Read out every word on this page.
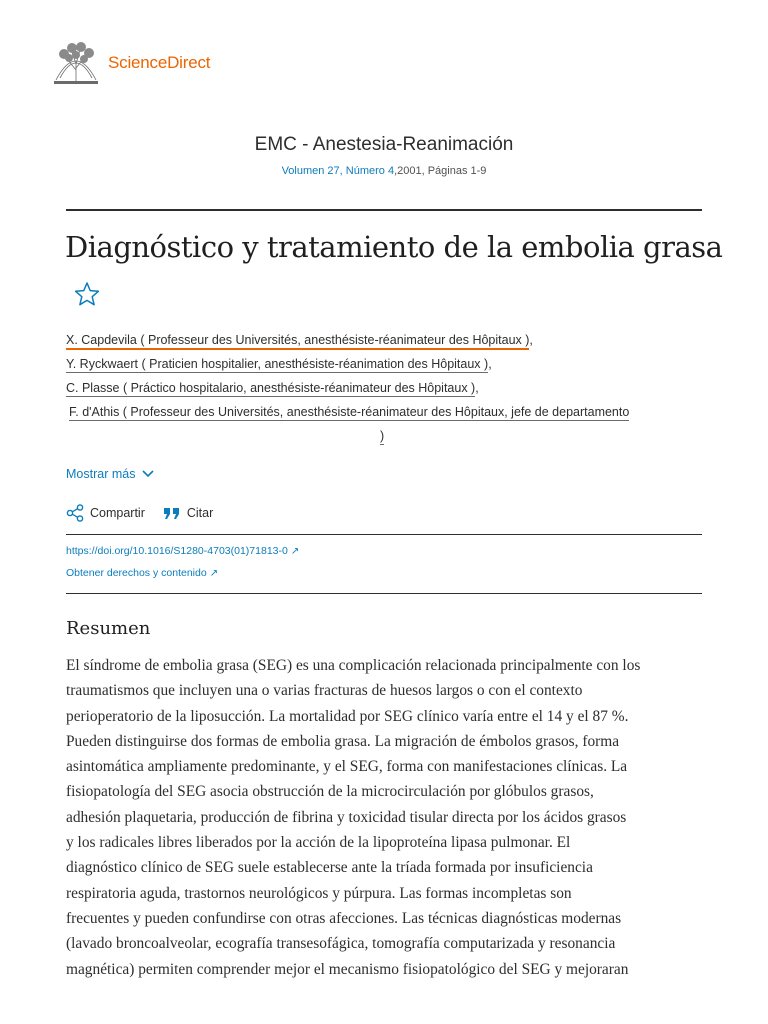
ScienceDirect
EMC - Anestesia-Reanimación
Volumen 27, Número 4,2001, Páginas 1-9
Diagnóstico y tratamiento de la embolia grasa
X. Capdevila ( Professeur des Universités, anesthésiste-réanimateur des Hôpitaux ),
Y. Ryckwaert ( Praticien hospitalier, anesthésiste-réanimation des Hôpitaux ),
C. Plasse ( Práctico hospitalario, anesthésiste-réanimateur des Hôpitaux ),
F. d'Athis ( Professeur des Universités, anesthésiste-réanimateur des Hôpitaux, jefe de departamento
)
Mostrar más
Compartir	Citar
https://doi.org/10.1016/S1280-4703(01)71813-0 ↗
Obtener derechos y contenido ↗
Resumen
El síndrome de embolia grasa (SEG) es una complicación relacionada principalmente con los
traumatismos que incluyen una o varias fracturas de huesos largos o con el contexto
perioperatorio de la liposucción. La mortalidad por SEG clínico varía entre el 14 y el 87 %.
Pueden distinguirse dos formas de embolia grasa. La migración de émbolos grasos, forma
asintomática ampliamente predominante, y el SEG, forma con manifestaciones clínicas. La
fisiopatología del SEG asocia obstrucción de la microcirculación por glóbulos grasos,
adhesión plaquetaria, producción de fibrina y toxicidad tisular directa por los ácidos grasos
y los radicales libres liberados por la acción de la lipoproteína lipasa pulmonar. El
diagnóstico clínico de SEG suele establecerse ante la tríada formada por insuficiencia
respiratoria aguda, trastornos neurológicos y púrpura. Las formas incompletas son
frecuentes y pueden confundirse con otras afecciones. Las técnicas diagnósticas modernas
(lavado broncoalveolar, ecografía transesofágica, tomografía computarizada y resonancia
magnética) permiten comprender mejor el mecanismo fisiopatológico del SEG y mejoraran
